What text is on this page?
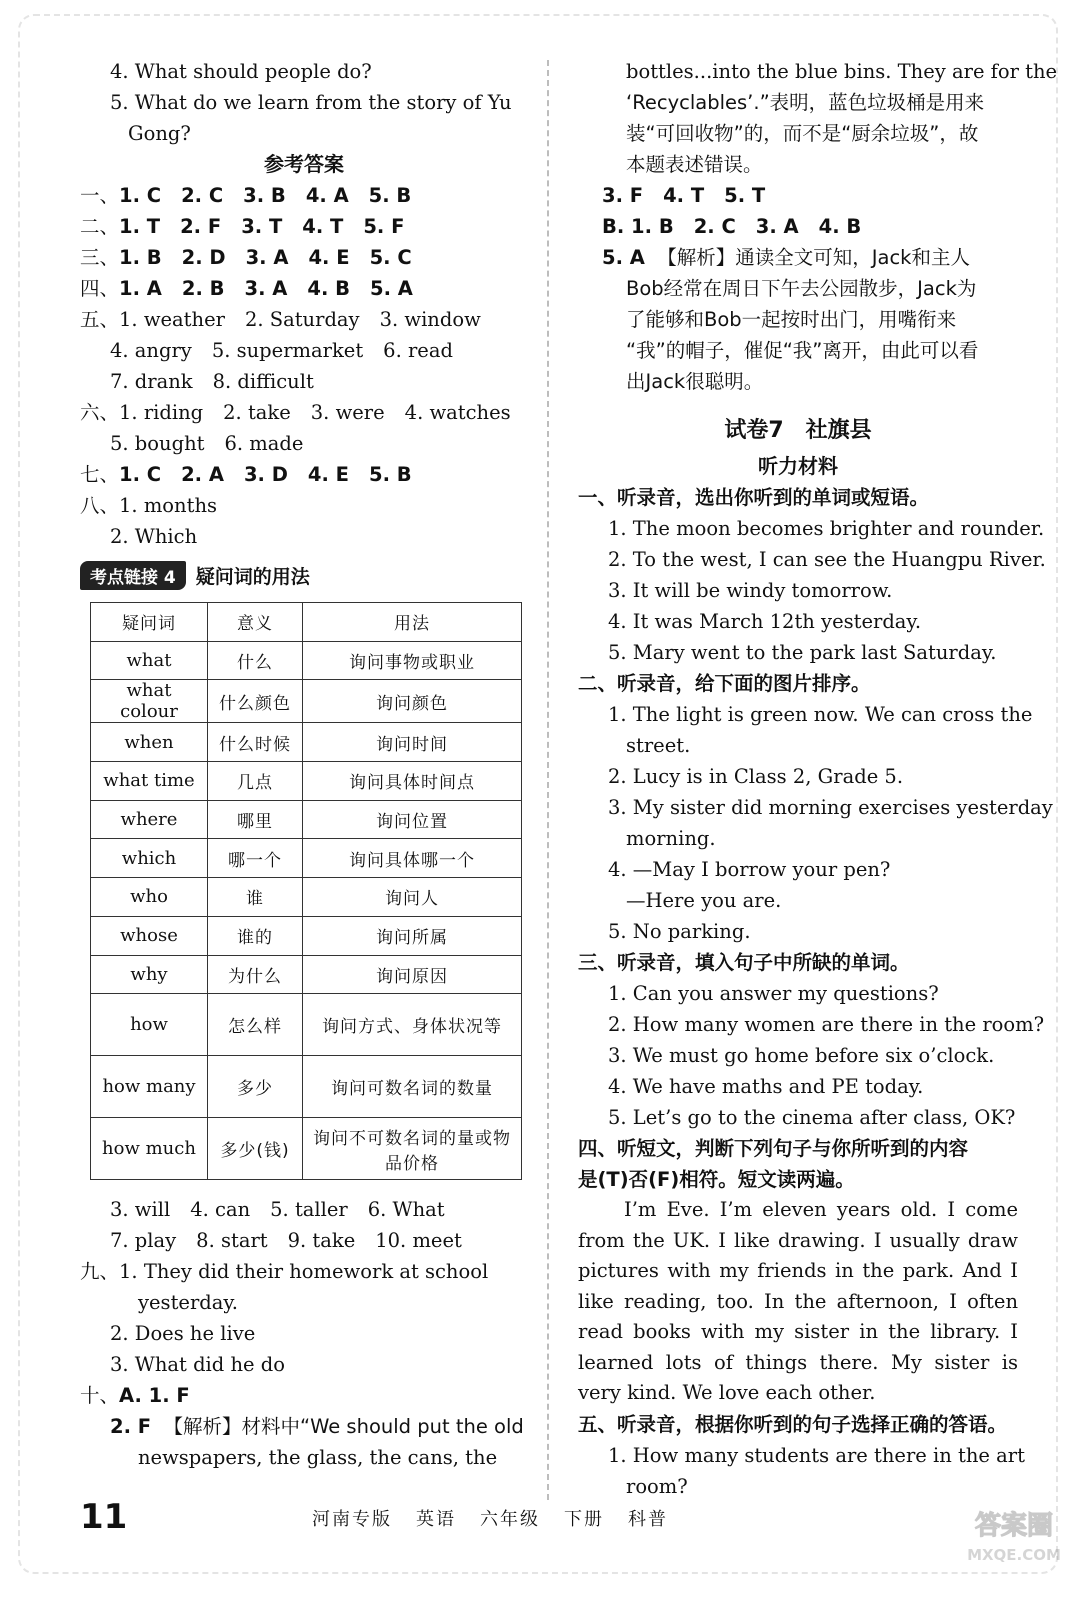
4. What should people do?
5. What do we learn from the story of Yu
Gong?
参考答案
一、1. C 2. C 3. B 4. A 5. B
二、1. T 2. F 3. T 4. T 5. F
三、1. B 2. D 3. A 4. E 5. C
四、1. A 2. B 3. A 4. B 5. A
五、1. weather 2. Saturday 3. window
4. angry 5. supermarket 6. read
7. drank 8. difficult
六、1. riding 2. take 3. were 4. watches
5. bought 6. made
七、1. C 2. A 3. D 4. E 5. B
八、1. months
2. Which
考点链接 4	疑问词的用法
疑问词	意义	用法
what	什么	询问事物或职业
what colour	什么颜色	询问颜色
when	什么时候	询问时间
what time	几点	询问具体时间点
where	哪里	询问位置
which	哪一个	询问具体哪一个
who	谁	询问人
whose	谁的	询问所属
why	为什么	询问原因
how	怎么样	询问方式、身体状况等
how many	多少	询问可数名词的数量
how much	多少(钱)	询问不可数名词的量或物品价格
3. will 4. can 5. taller 6. What
7. play 8. start 9. take 10. meet
九、1. They did their homework at school
yesterday.
2. Does he live
3. What did he do
十、A. 1. F
2. F 【解析】材料中“We should put the old
newspapers, the glass, the cans, the
bottles...into the blue bins. They are for the
‘Recyclables’.”表明，蓝色垃圾桶是用来
装“可回收物”的，而不是“厨余垃圾”，故
本题表述错误。
3. F 4. T 5. T
B. 1. B 2. C 3. A 4. B
5. A 【解析】通读全文可知，Jack和主人
Bob经常在周日下午去公园散步，Jack为
了能够和Bob一起按时出门，用嘴衔来
“我”的帽子，催促“我”离开，由此可以看
出Jack很聪明。
试卷7　社旗县
听力材料
一、听录音，选出你听到的单词或短语。
1. The moon becomes brighter and rounder.
2. To the west, I can see the Huangpu River.
3. It will be windy tomorrow.
4. It was March 12th yesterday.
5. Mary went to the park last Saturday.
二、听录音，给下面的图片排序。
1. The light is green now. We can cross the
street.
2. Lucy is in Class 2, Grade 5.
3. My sister did morning exercises yesterday
morning.
4. —May I borrow your pen?
—Here you are.
5. No parking.
三、听录音，填入句子中所缺的单词。
1. Can you answer my questions?
2. How many women are there in the room?
3. We must go home before six o’clock.
4. We have maths and PE today.
5. Let’s go to the cinema after class, OK?
四、听短文，判断下列句子与你所听到的内容
是(T)否(F)相符。短文读两遍。
I’m Eve. I’m eleven years old. I come from the UK. I like drawing. I usually draw pictures with my friends in the park. And I like reading, too. In the afternoon, I often read books with my sister in the library. I learned lots of things there. My sister is very kind. We love each other.
五、听录音，根据你听到的句子选择正确的答语。
1. How many students are there in the art
room?
11	河南专版 英语 六年级 下册 科普	答案圈
MXQE.COM
